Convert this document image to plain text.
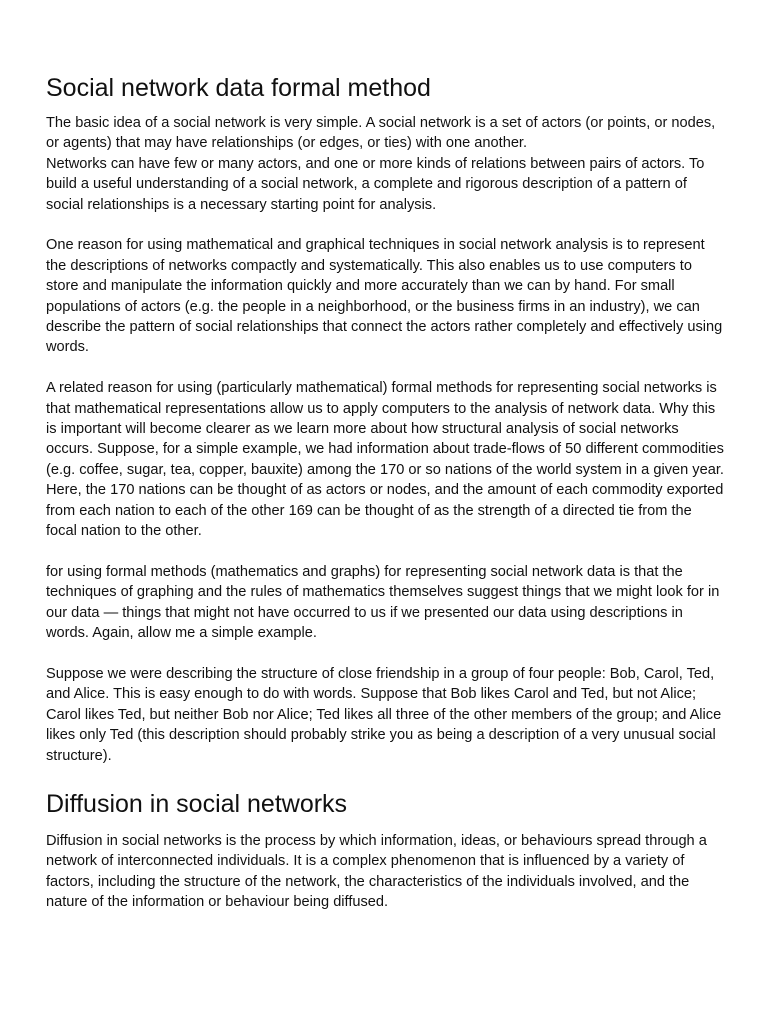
Social network data formal method

The basic idea of a social network is very simple. A social network is a set of actors (or points, or nodes, or agents) that may have relationships (or edges, or ties) with one another.
Networks can have few or many actors, and one or more kinds of relations between pairs of actors. To build a useful understanding of a social network, a complete and rigorous description of a pattern of social relationships is a necessary starting point for analysis.

One reason for using mathematical and graphical techniques in social network analysis is to represent the descriptions of networks compactly and systematically. This also enables us to use computers to store and manipulate the information quickly and more accurately than we can by hand. For small populations of actors (e.g. the people in a neighborhood, or the business firms in an industry), we can describe the pattern of social relationships that connect the actors rather completely and effectively using words.

A related reason for using (particularly mathematical) formal methods for representing social networks is that mathematical representations allow us to apply computers to the analysis of network data. Why this is important will become clearer as we learn more about how structural analysis of social networks occurs. Suppose, for a simple example, we had information about trade-flows of 50 different commodities (e.g. coffee, sugar, tea, copper, bauxite) among the 170 or so nations of the world system in a given year. Here, the 170 nations can be thought of as actors or nodes, and the amount of each commodity exported from each nation to each of the other 169 can be thought of as the strength of a directed tie from the focal nation to the other.

for using formal methods (mathematics and graphs) for representing social network data is that the techniques of graphing and the rules of mathematics themselves suggest things that we might look for in our data — things that might not have occurred to us if we presented our data using descriptions in words. Again, allow me a simple example.

Suppose we were describing the structure of close friendship in a group of four people: Bob, Carol, Ted, and Alice. This is easy enough to do with words. Suppose that Bob likes Carol and Ted, but not Alice; Carol likes Ted, but neither Bob nor Alice; Ted likes all three of the other members of the group; and Alice likes only Ted (this description should probably strike you as being a description of a very unusual social structure).

Diffusion in social networks

Diffusion in social networks is the process by which information, ideas, or behaviours spread through a network of interconnected individuals. It is a complex phenomenon that is influenced by a variety of factors, including the structure of the network, the characteristics of the individuals involved, and the nature of the information or behaviour being diffused.
